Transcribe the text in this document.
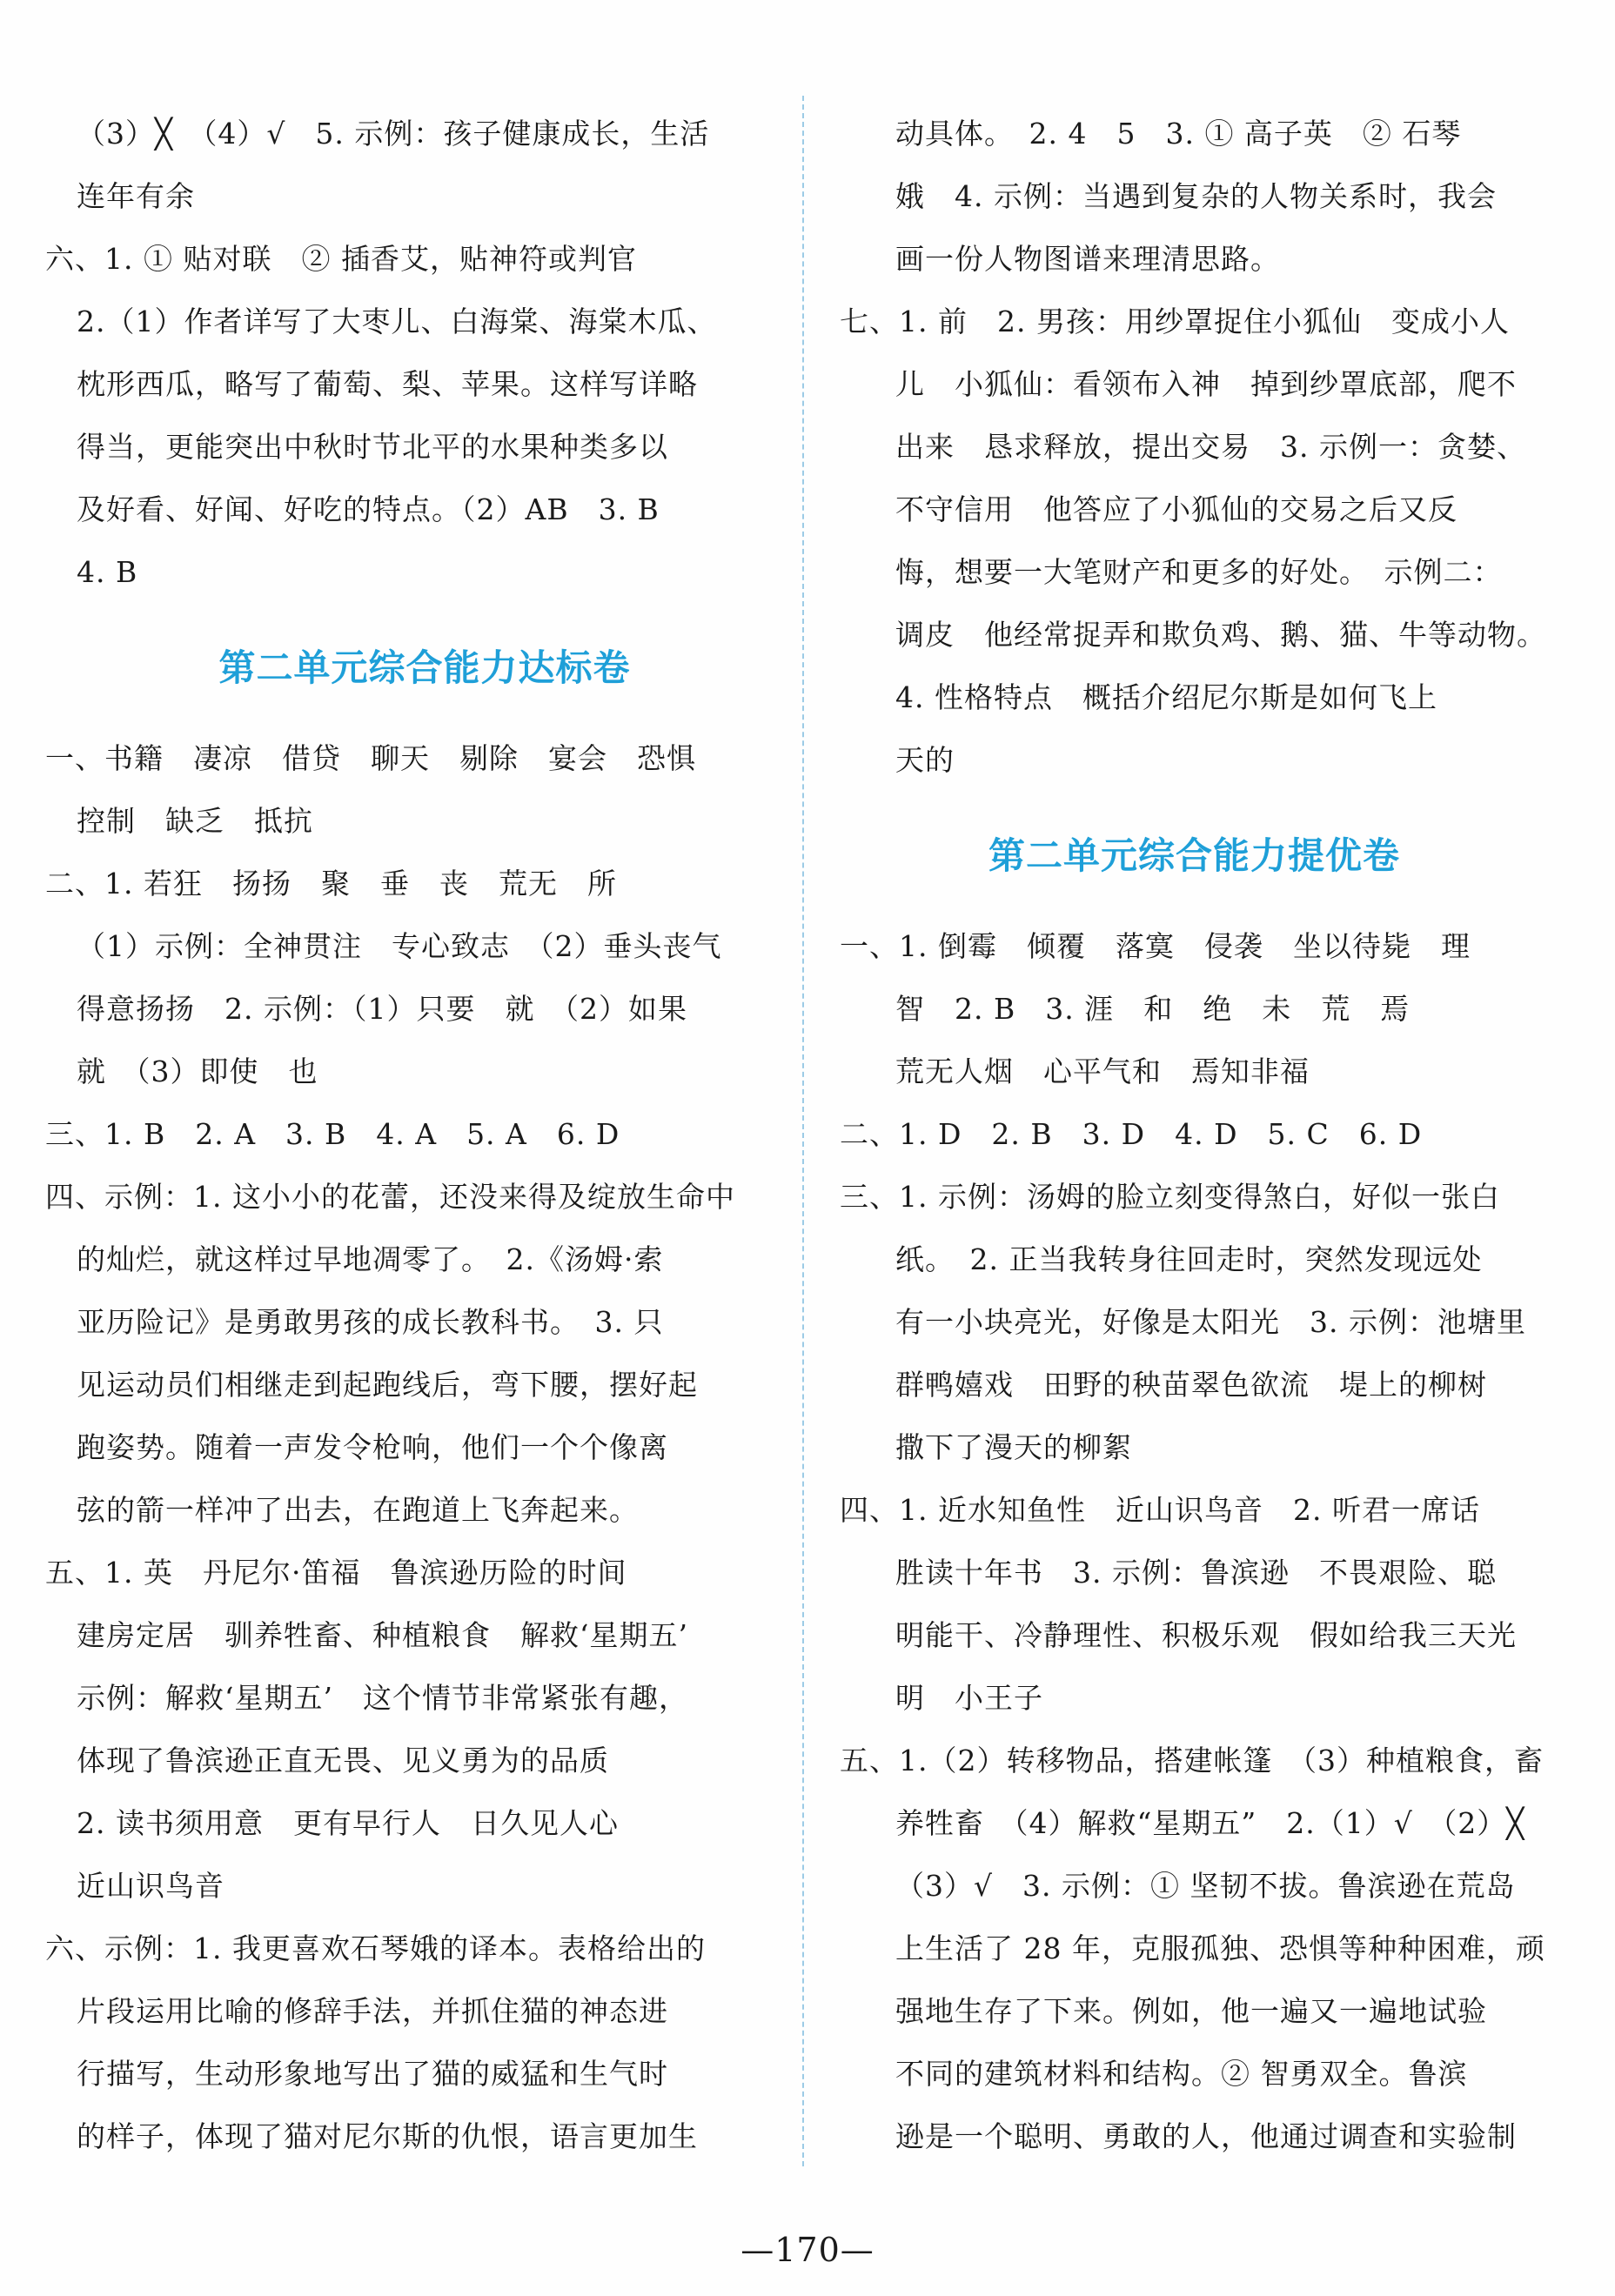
（3）╳　（4）√　5. 示例：孩子健康成长，生活
连年有余
六、1. ① 贴对联　② 插香艾，贴神符或判官
2.（1）作者详写了大枣儿、白海棠、海棠木瓜、
枕形西瓜，略写了葡萄、梨、苹果。这样写详略
得当，更能突出中秋时节北平的水果种类多以
及好看、好闻、好吃的特点。（2）AB　3. B
4. B
第二单元综合能力达标卷
一、书籍　凄凉　借贷　聊天　剔除　宴会　恐惧
控制　缺乏　抵抗
二、1. 若狂　扬扬　聚　垂　丧　荒无　所
（1）示例：全神贯注　专心致志　（2）垂头丧气
得意扬扬　2. 示例：（1）只要　就　（2）如果
就　（3）即使　也
三、1. B　2. A　3. B　4. A　5. A　6. D
四、示例：1. 这小小的花蕾，还没来得及绽放生命中
的灿烂，就这样过早地凋零了。　2.《汤姆·索
亚历险记》是勇敢男孩的成长教科书。　3. 只
见运动员们相继走到起跑线后，弯下腰，摆好起
跑姿势。随着一声发令枪响，他们一个个像离
弦的箭一样冲了出去，在跑道上飞奔起来。
五、1. 英　丹尼尔·笛福　鲁滨逊历险的时间
建房定居　驯养牲畜、种植粮食　解救‘星期五’
示例：解救‘星期五’　这个情节非常紧张有趣，
体现了鲁滨逊正直无畏、见义勇为的品质
2. 读书须用意　更有早行人　日久见人心
近山识鸟音
六、示例：1. 我更喜欢石琴娥的译本。表格给出的
片段运用比喻的修辞手法，并抓住猫的神态进
行描写，生动形象地写出了猫的威猛和生气时
的样子，体现了猫对尼尔斯的仇恨，语言更加生
动具体。　2. 4　5　3. ① 高子英　② 石琴
娥　4. 示例：当遇到复杂的人物关系时，我会
画一份人物图谱来理清思路。
七、1. 前　2. 男孩：用纱罩捉住小狐仙　变成小人
儿　小狐仙：看领布入神　掉到纱罩底部，爬不
出来　恳求释放，提出交易　3. 示例一：贪婪、
不守信用　他答应了小狐仙的交易之后又反
悔，想要一大笔财产和更多的好处。　示例二：
调皮　他经常捉弄和欺负鸡、鹅、猫、牛等动物。
4. 性格特点　概括介绍尼尔斯是如何飞上
天的
第二单元综合能力提优卷
一、1. 倒霉　倾覆　落寞　侵袭　坐以待毙　理
智　2. B　3. 涯　和　绝　未　荒　焉
荒无人烟　心平气和　焉知非福
二、1. D　2. B　3. D　4. D　5. C　6. D
三、1. 示例：汤姆的脸立刻变得煞白，好似一张白
纸。　2. 正当我转身往回走时，突然发现远处
有一小块亮光，好像是太阳光　3. 示例：池塘里
群鸭嬉戏　田野的秧苗翠色欲流　堤上的柳树
撒下了漫天的柳絮
四、1. 近水知鱼性　近山识鸟音　2. 听君一席话
胜读十年书　3. 示例：鲁滨逊　不畏艰险、聪
明能干、冷静理性、积极乐观　假如给我三天光
明　小王子
五、1.（2）转移物品，搭建帐篷　（3）种植粮食，畜
养牲畜　（4）解救“星期五”　2.（1）√　（2）╳
（3）√　3. 示例：① 坚韧不拔。鲁滨逊在荒岛
上生活了 28 年，克服孤独、恐惧等种种困难，顽
强地生存了下来。例如，他一遍又一遍地试验
不同的建筑材料和结构。② 智勇双全。鲁滨
逊是一个聪明、勇敢的人，他通过调查和实验制
—170—
